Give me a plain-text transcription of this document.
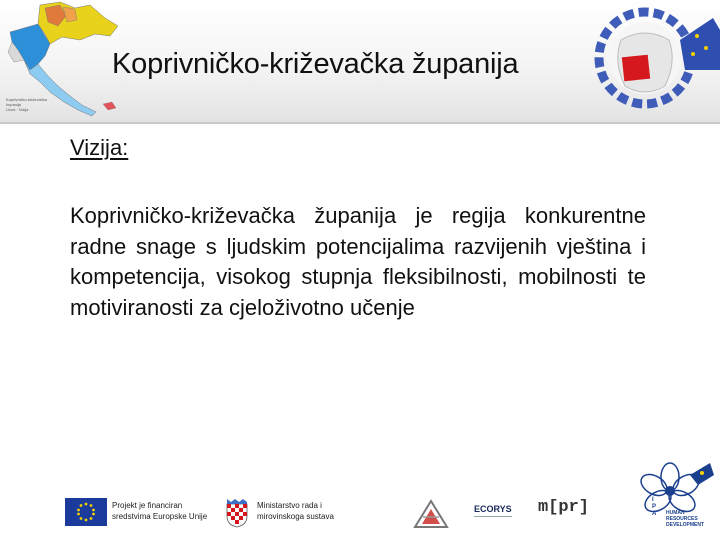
Koprivničko-križevačka
županija
Uvod · Vizija
Koprivničko-križevačka županija
Vizija:
Koprivničko-križevačka županija je regija konkurentne radne snage s ljudskim potencijalima razvijenih vještina i kompetencija, visokog stupnja fleksibilnosti, mobilnosti te motiviranosti za cjeloživotno učenje
Projekt je financiran
sredstvima Europske Unije
Ministarstvo rada i
mirovinskoga sustava
ECORYS m[pr]	I
P
A	HUMAN
RESOURCES
DEVELOPMENT
